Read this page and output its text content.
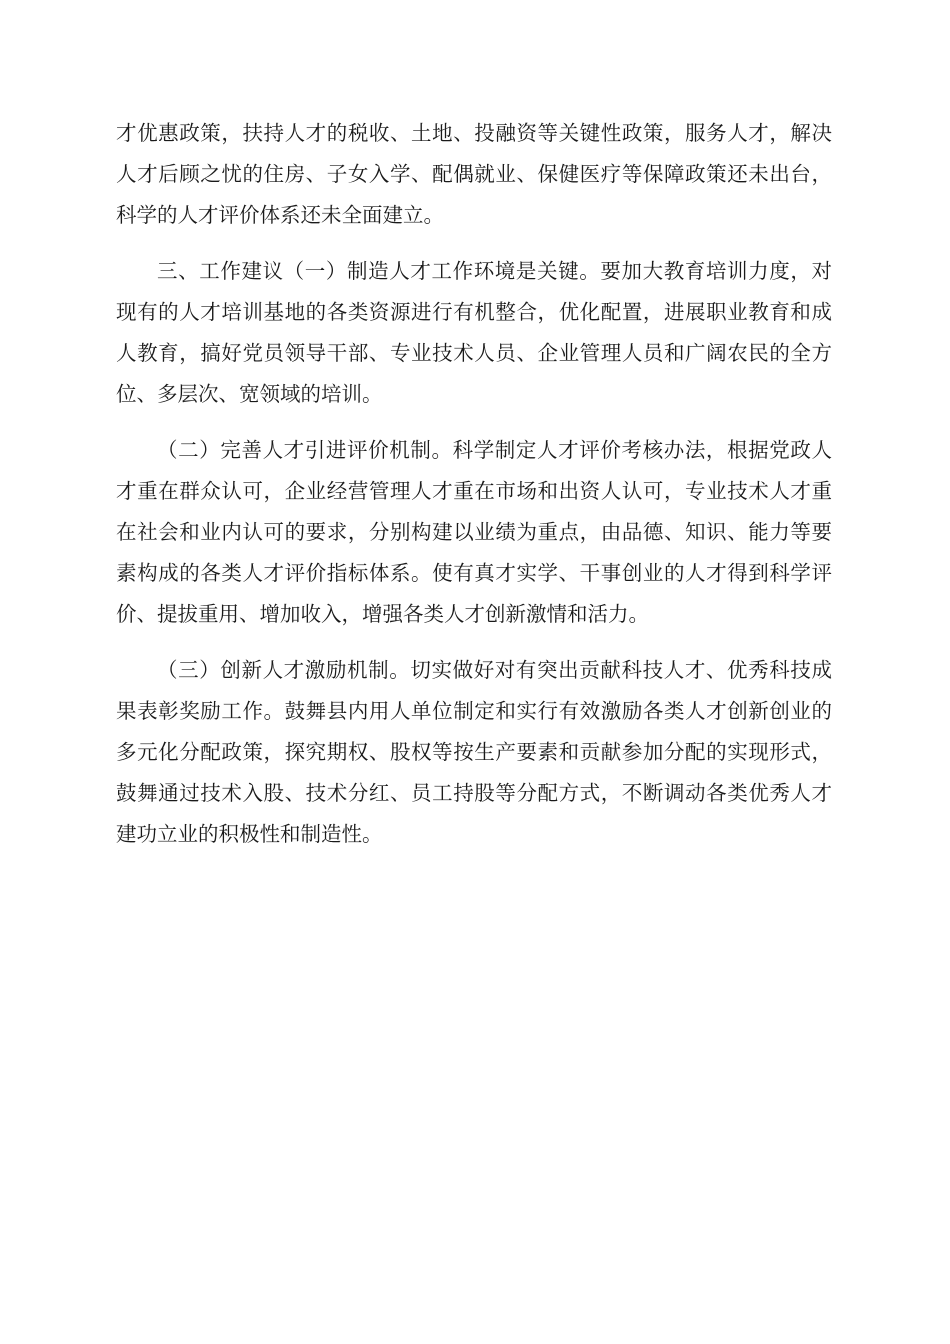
才优惠政策，扶持人才的税收、土地、投融资等关键性政策，服务人才，解决人才后顾之忧的住房、子女入学、配偶就业、保健医疗等保障政策还未出台，科学的人才评价体系还未全面建立。

三、工作建议（一）制造人才工作环境是关键。要加大教育培训力度，对现有的人才培训基地的各类资源进行有机整合，优化配置，进展职业教育和成人教育，搞好党员领导干部、专业技术人员、企业管理人员和广阔农民的全方位、多层次、宽领域的培训。

（二）完善人才引进评价机制。科学制定人才评价考核办法，根据党政人才重在群众认可，企业经营管理人才重在市场和出资人认可，专业技术人才重在社会和业内认可的要求，分别构建以业绩为重点，由品德、知识、能力等要素构成的各类人才评价指标体系。使有真才实学、干事创业的人才得到科学评价、提拔重用、增加收入，增强各类人才创新激情和活力。

（三）创新人才激励机制。切实做好对有突出贡献科技人才、优秀科技成果表彰奖励工作。鼓舞县内用人单位制定和实行有效激励各类人才创新创业的多元化分配政策，探究期权、股权等按生产要素和贡献参加分配的实现形式，鼓舞通过技术入股、技术分红、员工持股等分配方式，不断调动各类优秀人才建功立业的积极性和制造性。
